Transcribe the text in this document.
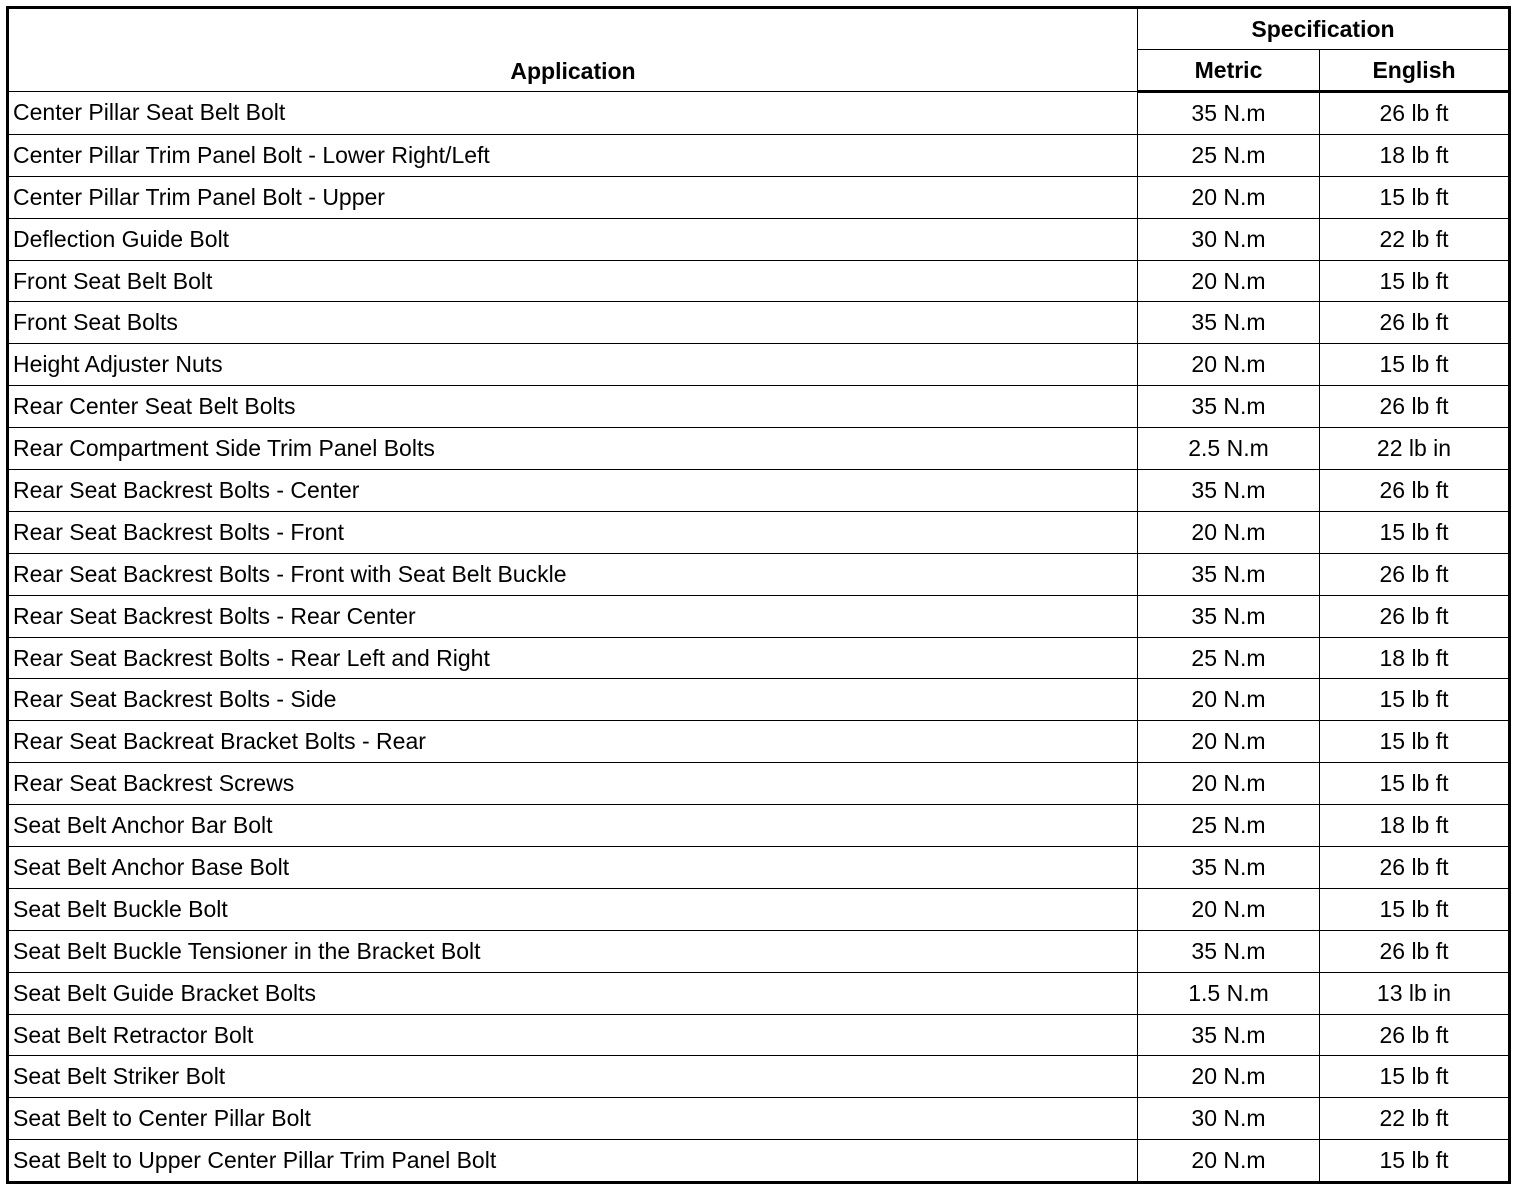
Application	Specification	
	Metric	English
Center Pillar Seat Belt Bolt	35 N.m	26 lb ft
Center Pillar Trim Panel Bolt - Lower Right/Left	25 N.m	18 lb ft
Center Pillar Trim Panel Bolt - Upper	20 N.m	15 lb ft
Deflection Guide Bolt	30 N.m	22 lb ft
Front Seat Belt Bolt	20 N.m	15 lb ft
Front Seat Bolts	35 N.m	26 lb ft
Height Adjuster Nuts	20 N.m	15 lb ft
Rear Center Seat Belt Bolts	35 N.m	26 lb ft
Rear Compartment Side Trim Panel Bolts	2.5 N.m	22 lb in
Rear Seat Backrest Bolts - Center	35 N.m	26 lb ft
Rear Seat Backrest Bolts - Front	20 N.m	15 lb ft
Rear Seat Backrest Bolts - Front with Seat Belt Buckle	35 N.m	26 lb ft
Rear Seat Backrest Bolts - Rear Center	35 N.m	26 lb ft
Rear Seat Backrest Bolts - Rear Left and Right	25 N.m	18 lb ft
Rear Seat Backrest Bolts - Side	20 N.m	15 lb ft
Rear Seat Backreat Bracket Bolts - Rear	20 N.m	15 lb ft
Rear Seat Backrest Screws	20 N.m	15 lb ft
Seat Belt Anchor Bar Bolt	25 N.m	18 lb ft
Seat Belt Anchor Base Bolt	35 N.m	26 lb ft
Seat Belt Buckle Bolt	20 N.m	15 lb ft
Seat Belt Buckle Tensioner in the Bracket Bolt	35 N.m	26 lb ft
Seat Belt Guide Bracket Bolts	1.5 N.m	13 lb in
Seat Belt Retractor Bolt	35 N.m	26 lb ft
Seat Belt Striker Bolt	20 N.m	15 lb ft
Seat Belt to Center Pillar Bolt	30 N.m	22 lb ft
Seat Belt to Upper Center Pillar Trim Panel Bolt	20 N.m	15 lb ft
